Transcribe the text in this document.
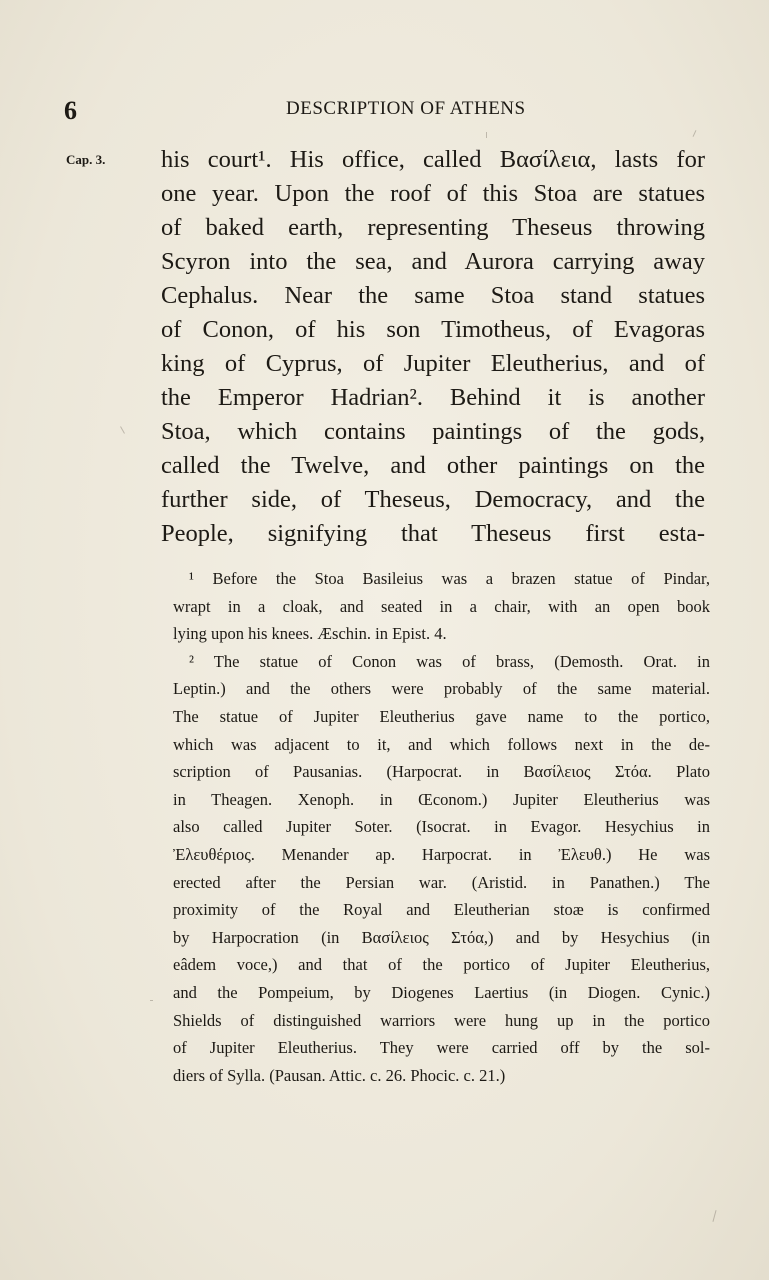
6	DESCRIPTION OF ATHENS
Cap. 3. his court¹. His office, called Βασίλεια, lasts for
one year. Upon the roof of this Stoa are statues
of baked earth, representing Theseus throwing
Scyron into the sea, and Aurora carrying away
Cephalus. Near the same Stoa stand statues
of Conon, of his son Timotheus, of Evagoras
king of Cyprus, of Jupiter Eleutherius, and of
the Emperor Hadrian². Behind it is another
Stoa, which contains paintings of the gods,
called the Twelve, and other paintings on the
further side, of Theseus, Democracy, and the
People, signifying that Theseus first esta-
¹ Before the Stoa Basileius was a brazen statue of Pindar,
wrapt in a cloak, and seated in a chair, with an open book
lying upon his knees. Æschin. in Epist. 4.
² The statue of Conon was of brass, (Demosth. Orat. in
Leptin.) and the others were probably of the same material.
The statue of Jupiter Eleutherius gave name to the portico,
which was adjacent to it, and which follows next in the de-
scription of Pausanias. (Harpocrat. in Βασίλειος Στόα. Plato
in Theagen. Xenoph. in Œconom.) Jupiter Eleutherius was
also called Jupiter Soter. (Isocrat. in Evagor. Hesychius in
Ἐλευθέριος. Menander ap. Harpocrat. in Ἐλευθ.) He was
erected after the Persian war. (Aristid. in Panathen.) The
proximity of the Royal and Eleutherian stoæ is confirmed
by Harpocration (in Βασίλειος Στόα,) and by Hesychius (in
eâdem voce,) and that of the portico of Jupiter Eleutherius,
and the Pompeium, by Diogenes Laertius (in Diogen. Cynic.)
Shields of distinguished warriors were hung up in the portico
of Jupiter Eleutherius. They were carried off by the sol-
diers of Sylla. (Pausan. Attic. c. 26. Phocic. c. 21.)
